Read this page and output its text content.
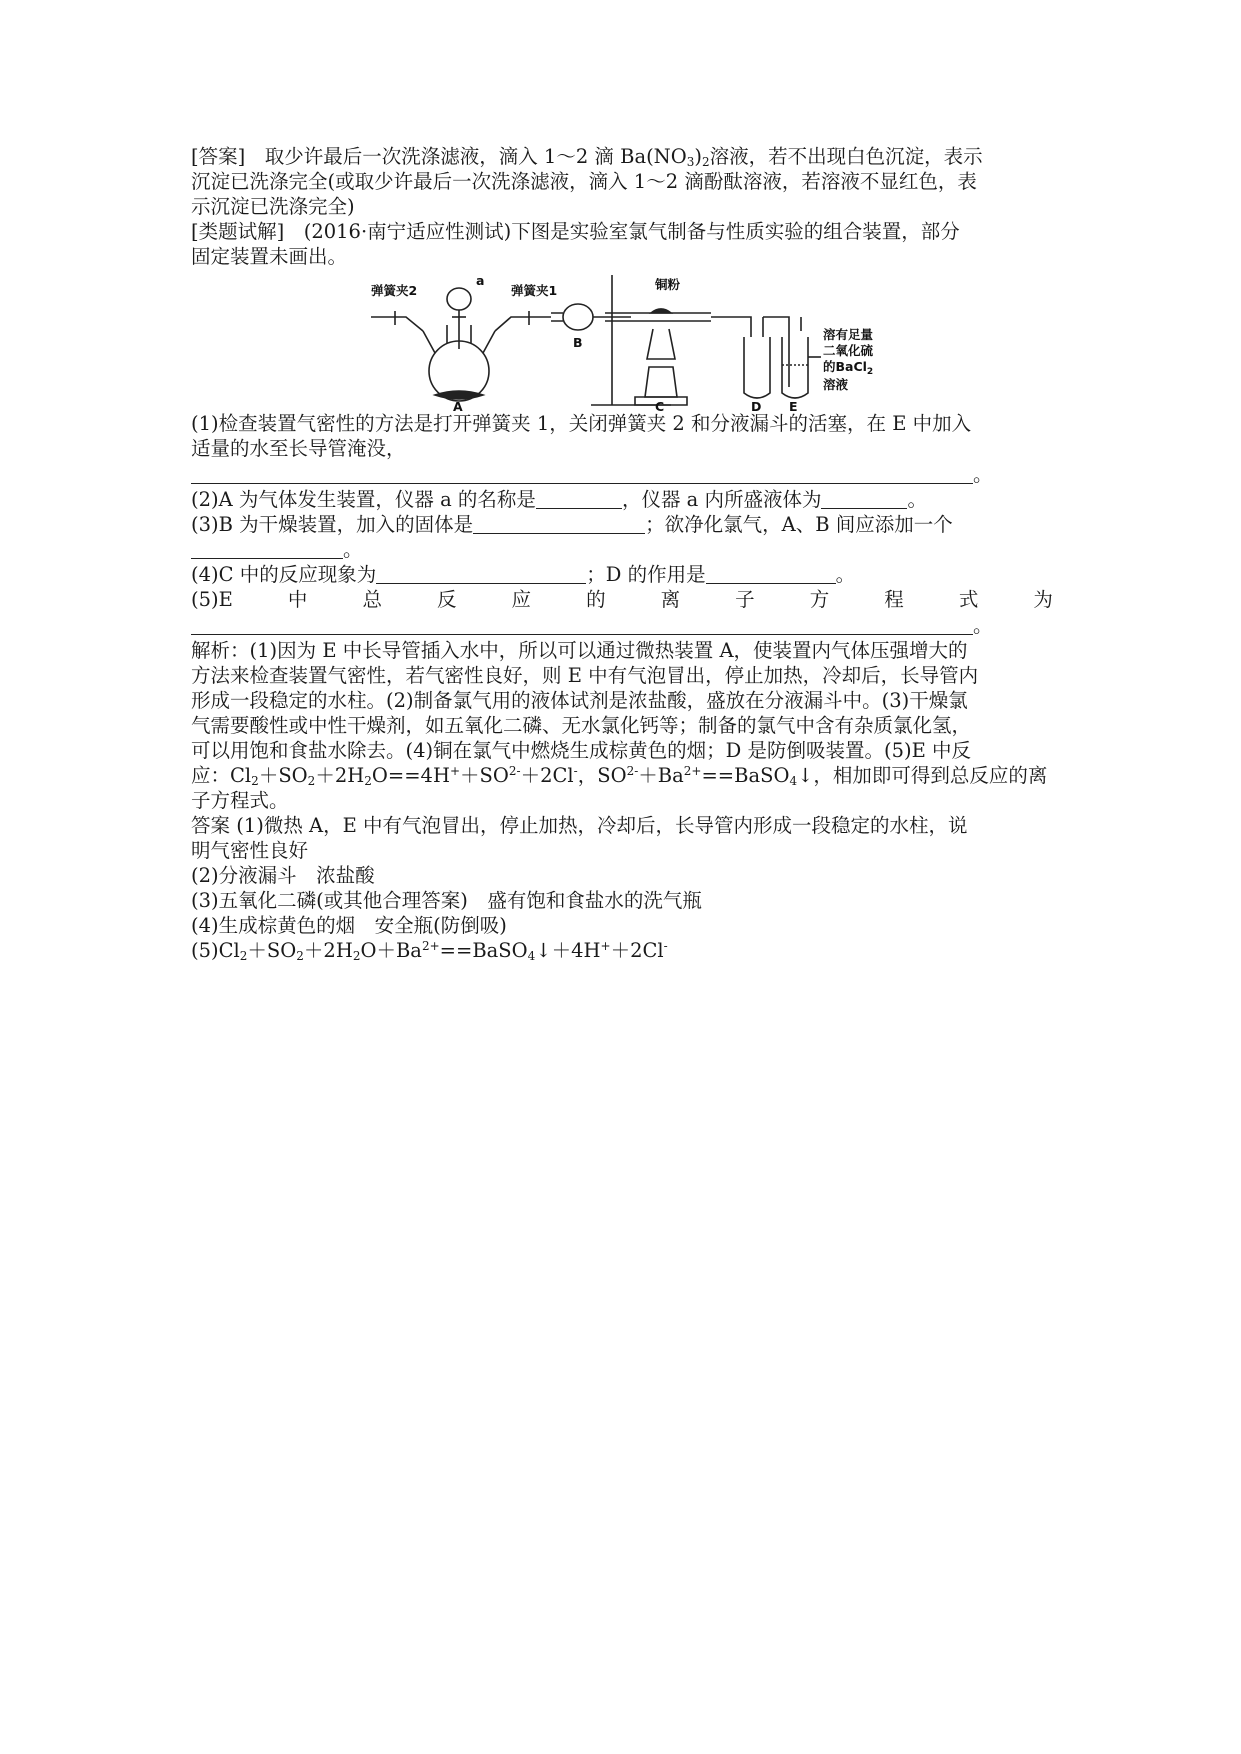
[答案]　取少许最后一次洗涤滤液，滴入 1～2 滴 $Ba(NO_3)_2$溶液，若不出现白色沉淀，表示
沉淀已洗涤完全(或取少许最后一次洗涤滤液，滴入 1～2 滴酚酞溶液，若溶液不显红色，表
示沉淀已洗涤完全)

[类题试解]　(2016·南宁适应性测试)下图是实验室氯气制备与性质实验的组合装置，部分
固定装置未画出。

弹簧夹2
a
弹簧夹1	铜粉
A
B
C	D E
溶有足量
二氧化硫
的BaCl$_2$
溶液

(1)检查装置气密性的方法是打开弹簧夹 1，关闭弹簧夹 2 和分液漏斗的活塞，在 E 中加入
适量的水至长导管淹没，
。

(2)A 为气体发生装置，仪器 a 的名称是	，仪器 a 内所盛液体为	。

(3)B 为干燥装置，加入的固体是	；欲净化氯气，A、B 间应添加一个
。

(4)C 中的反应现象为	；D 的作用是	。

(5)E	中	总	反	应	的	离	子	方	程	式	为

。

解析：(1)因为 E 中长导管插入水中，所以可以通过微热装置 A，使装置内气体压强增大的
方法来检查装置气密性，若气密性良好，则 E 中有气泡冒出，停止加热，冷却后，长导管内
形成一段稳定的水柱。(2)制备氯气用的液体试剂是浓盐酸，盛放在分液漏斗中。(3)干燥氯
气需要酸性或中性干燥剂，如五氧化二磷、无水氯化钙等；制备的氯气中含有杂质氯化氢，
可以用饱和食盐水除去。(4)铜在氯气中燃烧生成棕黄色的烟；D 是防倒吸装置。(5)E 中反
应：$Cl_2+SO_2+2H_2O==4H^++SO^{2-}+2Cl^-$，$SO^{2-}+Ba^{2+}==BaSO_4↓$，相加即可得到总反应的离
子方程式。

答案 (1)微热 A，E 中有气泡冒出，停止加热，冷却后，长导管内形成一段稳定的水柱，说
明气密性良好
(2)分液漏斗　浓盐酸
(3)五氧化二磷(或其他合理答案)　盛有饱和食盐水的洗气瓶
(4)生成棕黄色的烟　安全瓶(防倒吸)
$(5)Cl_2+SO_2+2H_2O+Ba^{2+}==BaSO_4↓+4H^++2Cl^-$
